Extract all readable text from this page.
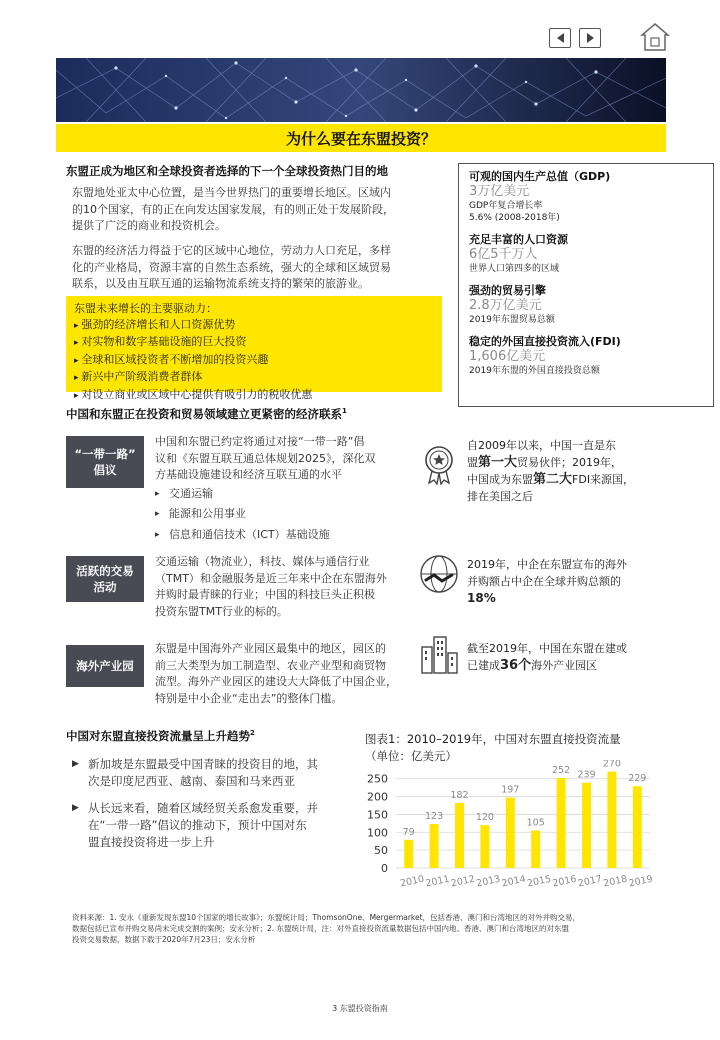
为什么要在东盟投资？
东盟正成为地区和全球投资者选择的下一个全球投资热门目的地
东盟地处亚太中心位置，是当今世界热门的重要增长地区。区域内
的10个国家，有的正在向发达国家发展，有的则正处于发展阶段，
提供了广泛的商业和投资机会。
东盟的经济活力得益于它的区域中心地位，劳动力人口充足，多样
化的产业格局，资源丰富的自然生态系统，强大的全球和区域贸易
联系，以及由互联互通的运输物流系统支持的繁荣的旅游业。
东盟未来增长的主要驱动力：
▸ 强劲的经济增长和人口资源优势
▸ 对实物和数字基础设施的巨大投资
▸ 全球和区域投资者不断增加的投资兴趣
▸ 新兴中产阶级消费者群体
▸ 对设立商业或区域中心提供有吸引力的税收优惠
可观的国内生产总值（GDP)
3万亿美元
GDP年复合增长率
5.6% (2008-2018年)
充足丰富的人口资源
6亿5千万人
世界人口第四多的区域
强劲的贸易引擎
2.8万亿美元
2019年东盟贸易总额
稳定的外国直接投资流入(FDI)
1,606亿美元
2019年东盟的外国直接投资总额
中国和东盟正在投资和贸易领域建立更紧密的经济联系$^1$
“一带一路”
倡议
中国和东盟已约定将通过对接“一带一路”倡
议和《东盟互联互通总体规划2025》，深化双
方基础设施建设和经济互联互通的水平
▸ 交通运输
▸ 能源和公用事业
▸ 信息和通信技术（ICT）基础设施
自2009年以来，中国一直是东
盟第一大贸易伙伴；2019年，
中国成为东盟第二大FDI来源国，
排在美国之后
活跃的交易
活动
交通运输（物流业），科技、媒体与通信行业
（TMT）和金融服务是近三年来中企在东盟海外
并购时最青睐的行业；中国的科技巨头正积极
投资东盟TMT行业的标的。
2019年，中企在东盟宣布的海外
并购额占中企在全球并购总额的
18%
海外产业园
东盟是中国海外产业园区最集中的地区，园区的
前三大类型为加工制造型、农业产业型和商贸物
流型。海外产业园区的建设大大降低了中国企业，
特别是中小企业“走出去”的整体门槛。
截至2019年，中国在东盟在建或
已建成36个海外产业园区
中国对东盟直接投资流量呈上升趋势$^2$
▶ 新加坡是东盟最受中国青睐的投资目的地，其
次是印度尼西亚、越南、泰国和马来西亚
▶ 从长远来看，随着区域经贸关系愈发重要，并
在“一带一路”倡议的推动下，预计中国对东
盟直接投资将进一步上升
图表1：2010–2019年，中国对东盟直接投资流量
（单位：亿美元）
0
50
100
150
200
250
79
2010
123
2011
182
2012
120
2013
197
2014
105
2015
252
2016
239
2017
270
2018
229
2019
资料来源：1. 安永《重新发现东盟10个国家的增长故事》；东盟统计局；ThomsonOne、Mergermarket，包括香港、澳门和台湾地区的对外并购交易，
数据包括已宣布并购交易尚未完成交割的案例；安永分析；2. 东盟统计局，注：对外直接投资流量数据包括中国内地、香港、澳门和台湾地区的对东盟
投资交易数据，数据下载于2020年7月23日；安永分析
3 东盟投资指南
